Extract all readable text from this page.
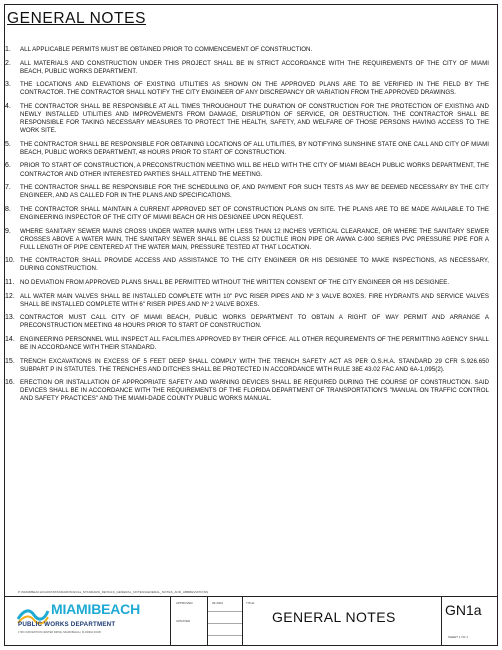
GENERAL NOTES
1. ALL APPLICABLE PERMITS MUST BE OBTAINED PRIOR TO COMMENCEMENT OF CONSTRUCTION.
2. ALL MATERIALS AND CONSTRUCTION UNDER THIS PROJECT SHALL BE IN STRICT ACCORDANCE WITH THE REQUIREMENTS OF THE CITY OF MIAMI BEACH, PUBLIC WORKS DEPARTMENT.
3. THE LOCATIONS AND ELEVATIONS OF EXISTING UTILITIES AS SHOWN ON THE APPROVED PLANS ARE TO BE VERIFIED IN THE FIELD BY THE CONTRACTOR. THE CONTRACTOR SHALL NOTIFY THE CITY ENGINEER OF ANY DISCREPANCY OR VARIATION FROM THE APPROVED DRAWINGS.
4. THE CONTRACTOR SHALL BE RESPONSIBLE AT ALL TIMES THROUGHOUT THE DURATION OF CONSTRUCTION FOR THE PROTECTION OF EXISTING AND NEWLY INSTALLED UTILITIES AND IMPROVEMENTS FROM DAMAGE, DISRUPTION OF SERVICE, OR DESTRUCTION. THE CONTRACTOR SHALL BE RESPONSIBLE FOR TAKING NECESSARY MEASURES TO PROTECT THE HEALTH, SAFETY, AND WELFARE OF THOSE PERSONS HAVING ACCESS TO THE WORK SITE.
5. THE CONTRACTOR SHALL BE RESPONSIBLE FOR OBTAINING LOCATIONS OF ALL UTILITIES, BY NOTIFYING SUNSHINE STATE ONE CALL AND CITY OF MIAMI BEACH, PUBLIC WORKS DEPARTMENT, 48 HOURS PRIOR TO START OF CONSTRUCTION.
6. PRIOR TO START OF CONSTRUCTION, A PRECONSTRUCTION MEETING WILL BE HELD WITH THE CITY OF MIAMI BEACH PUBLIC WORKS DEPARTMENT, THE CONTRACTOR AND OTHER INTERESTED PARTIES SHALL ATTEND THE MEETING.
7. THE CONTRACTOR SHALL BE RESPONSIBLE FOR THE SCHEDULING OF, AND PAYMENT FOR SUCH TESTS AS MAY BE DEEMED NECESSARY BY THE CITY ENGINEER, AND AS CALLED FOR IN THE PLANS AND SPECIFICATIONS.
8. THE CONTRACTOR SHALL MAINTAIN A CURRENT APPROVED SET OF CONSTRUCTION PLANS ON SITE. THE PLANS ARE TO BE MADE AVAILABLE TO THE ENGINEERING INSPECTOR OF THE CITY OF MIAMI BEACH OR HIS DESIGNEE UPON REQUEST.
9. WHERE SANITARY SEWER MAINS CROSS UNDER WATER MAINS WITH LESS THAN 12 INCHES VERTICAL CLEARANCE, OR WHERE THE SANITARY SEWER CROSSES ABOVE A WATER MAIN, THE SANITARY SEWER SHALL BE CLASS 52 DUCTILE IRON PIPE OR AWWA C-900 SERIES PVC PRESSURE PIPE FOR A FULL LENGTH OF PIPE CENTERED AT THE WATER MAIN, PRESSURE TESTED AT THAT LOCATION.
10. THE CONTRACTOR SHALL PROVIDE ACCESS AND ASSISTANCE TO THE CITY ENGINEER OR HIS DESIGNEE TO MAKE INSPECTIONS, AS NECESSARY, DURING CONSTRUCTION.
11. NO DEVIATION FROM APPROVED PLANS SHALL BE PERMITTED WITHOUT THE WRITTEN CONSENT OF THE CITY ENGINEER OR HIS DESIGNEE.
12. ALL WATER MAIN VALVES SHALL BE INSTALLED COMPLETE WITH 10" PVC RISER PIPES AND Nº 3 VALVE BOXES. FIRE HYDRANTS AND SERVICE VALVES SHALL BE INSTALLED COMPLETE WITH 6" RISER PIPES AND Nº 2 VALVE BOXES.
13. CONTRACTOR MUST CALL CITY OF MIAMI BEACH, PUBLIC WORKS DEPARTMENT TO OBTAIN A RIGHT OF WAY PERMIT AND ARRANGE A PRECONSTRUCTION MEETING 48 HOURS PRIOR TO START OF CONSTRUCTION.
14. ENGINEERING PERSONNEL WILL INSPECT ALL FACILITIES APPROVED BY THEIR OFFICE. ALL OTHER REQUIREMENTS OF THE PERMITTING AGENCY SHALL BE IN ACCORDANCE WITH THEIR STANDARD.
15. TRENCH EXCAVATIONS IN EXCESS OF 5 FEET DEEP SHALL COMPLY WITH THE TRENCH SAFETY ACT AS PER O.S.H.A. STANDARD 29 CFR S.926.650 SUBPART P IN STATUTES. THE TRENCHES AND DITCHES SHALL BE PROTECTED IN ACCORDANCE WITH RULE 38E 43.02 FAC AND 6A-1,095(2).
16. ERECTION OR INSTALLATION OF APPROPRIATE SAFETY AND WARNING DEVICES SHALL BE REQUIRED DURING THE COURSE OF CONSTRUCTION. SAID DEVICES SHALL BE IN ACCORDANCE WITH THE REQUIREMENTS OF THE FLORIDA DEPARTMENT OF TRANSPORTATION'S "MANUAL ON TRAFFIC CONTROL AND SAFETY PRACTICES" AND THE MIAMI-DADE COUNTY PUBLIC WORKS MANUAL.
P:\MIAMIBEACH\CADD\STANDARDS\GN1a_STANDARD_DETAILS_GENERAL_NOTES\GENERAL_NOTES_AND_ABBREVIATIONS
MIAMIBEACH
PUBLIC WORKS DEPARTMENT
1700 CONVENTION CENTER DRIVE, MIAMI BEACH, FLORIDA 33139
APPROVED
UPDATED
09-2002	TITLE:
GENERAL NOTES	GN1a
SHEET 1 OF 1
